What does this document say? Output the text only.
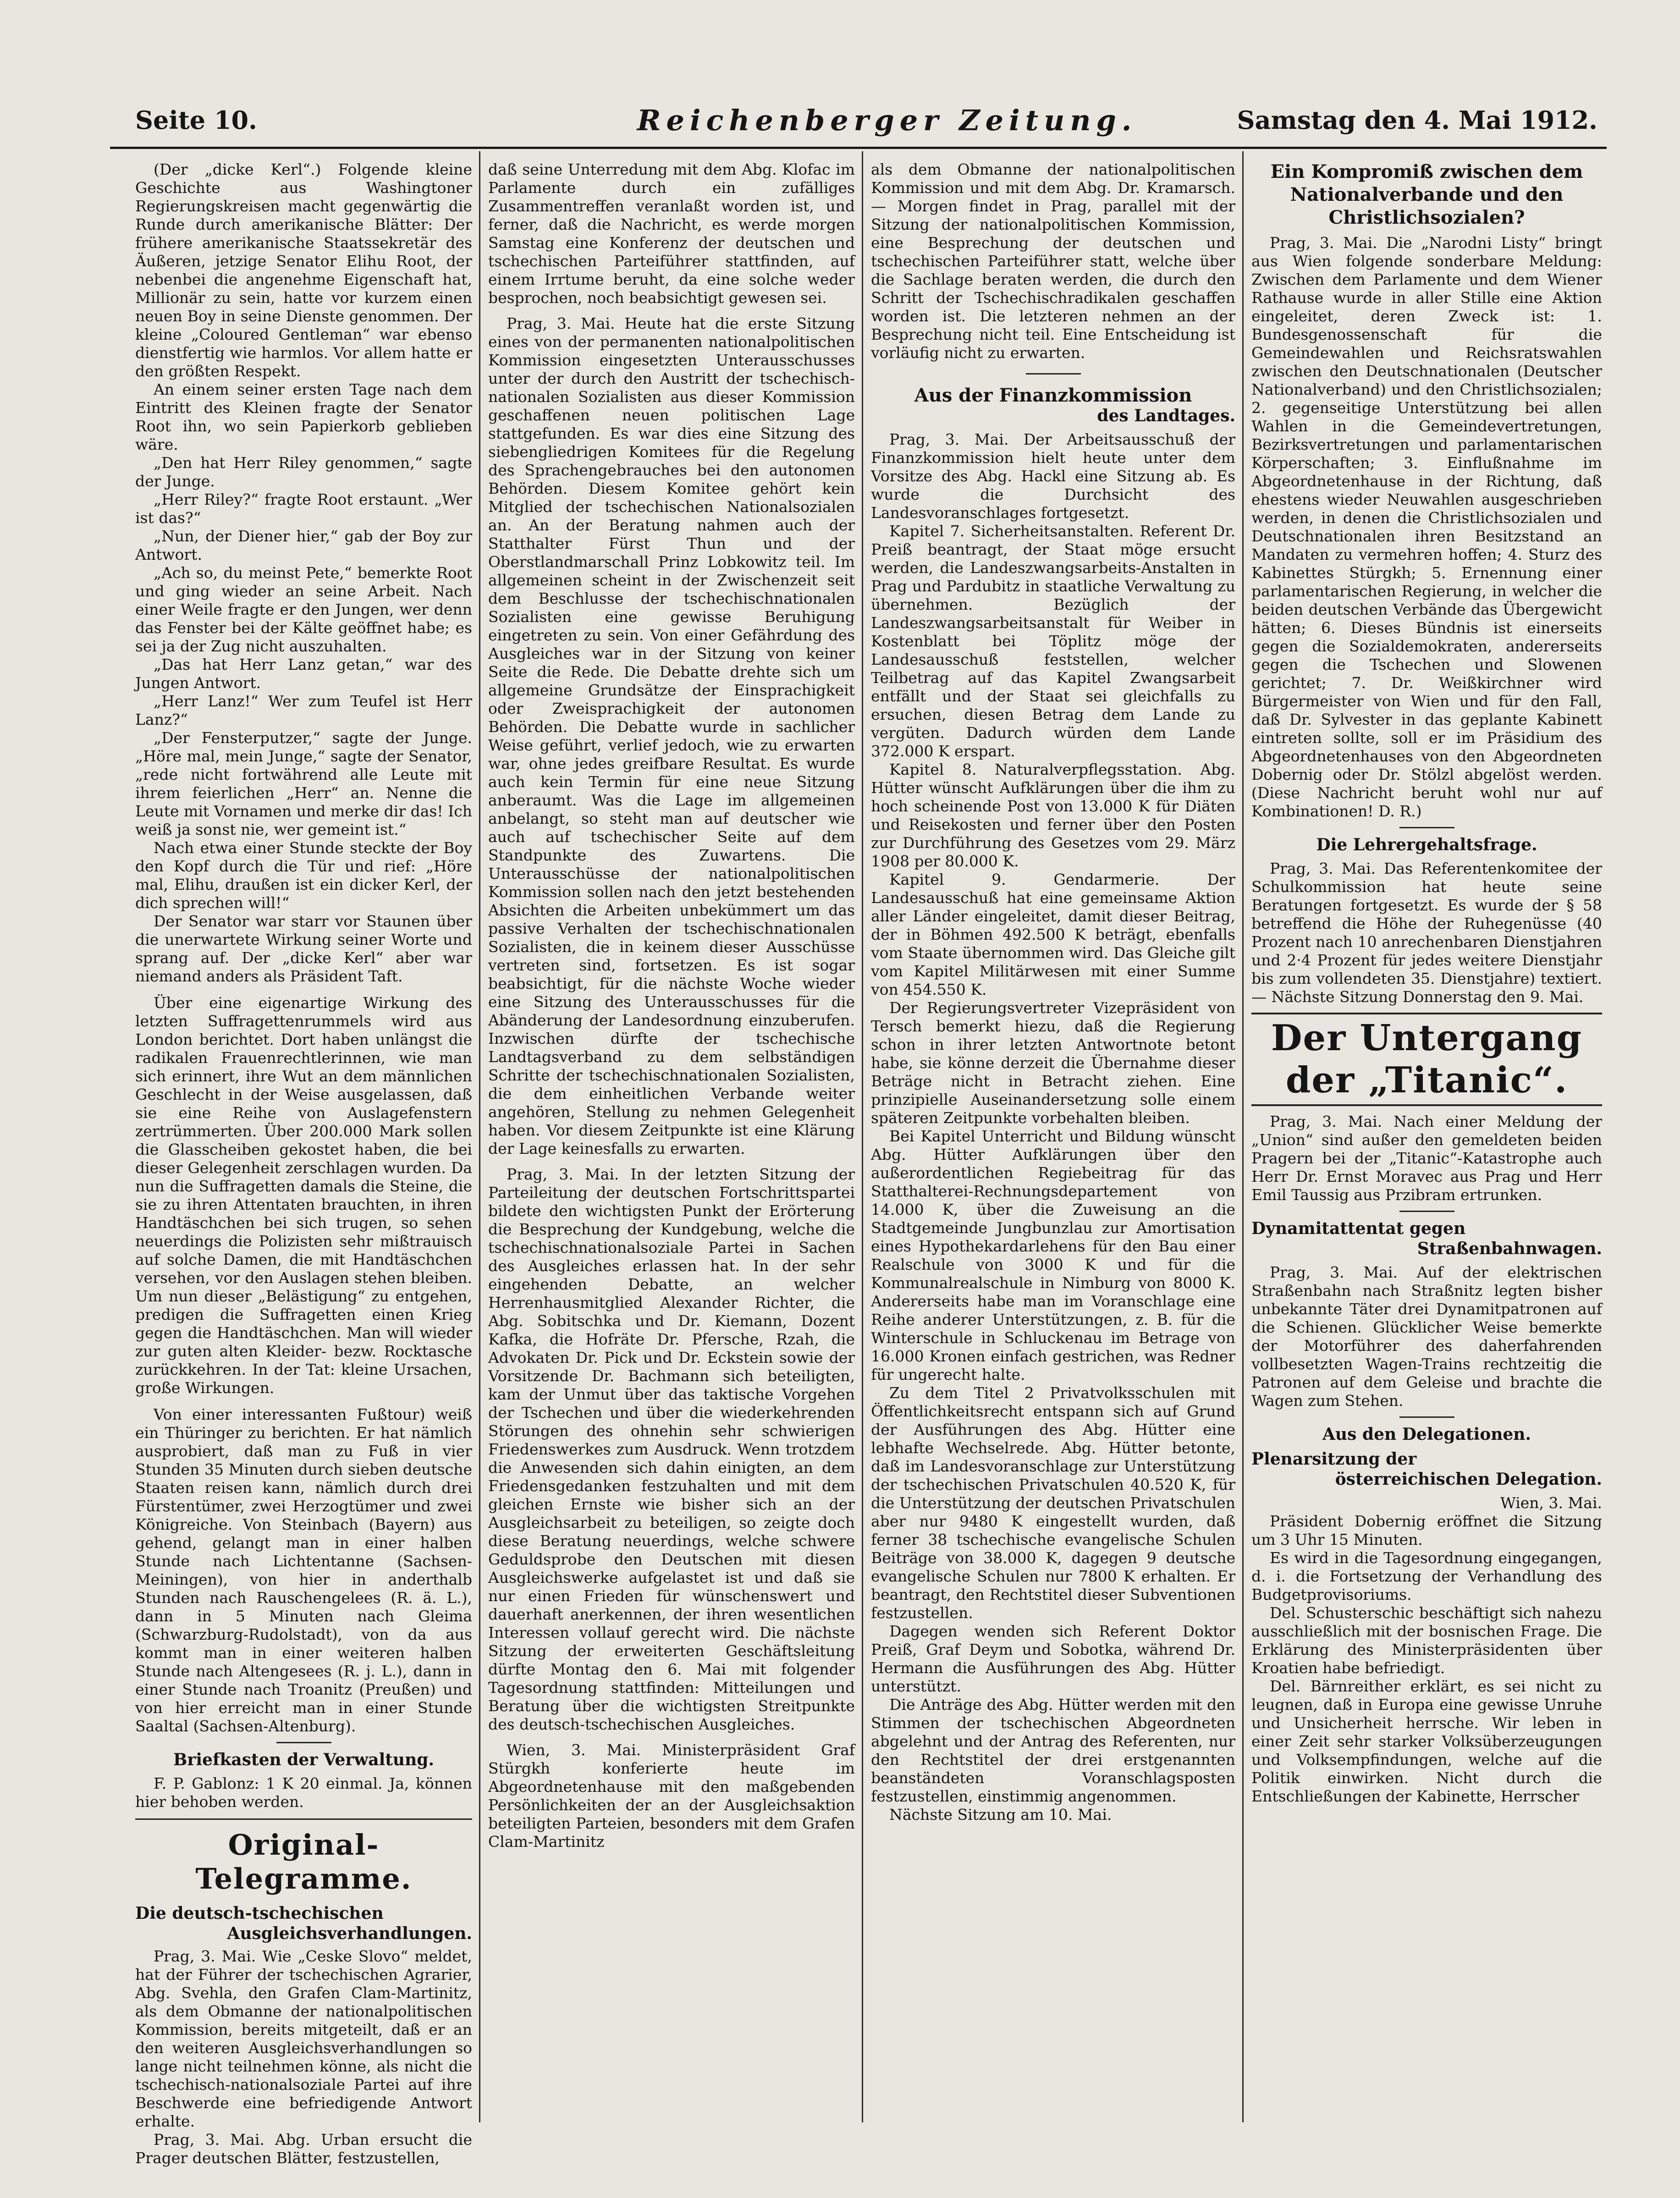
Seite 10.	Reichenberger Zeitung.	Samstag den 4. Mai 1912.

(Der „dicke Kerl“.) Folgende kleine Geschichte aus Washingtoner Regierungskreisen macht gegenwärtig die Runde durch amerikanische Blätter: Der frühere amerikanische Staatssekretär des Äußeren, jetzige Senator Elihu Root, der nebenbei die angenehme Eigenschaft hat, Millionär zu sein, hatte vor kurzem einen neuen Boy in seine Dienste genommen. Der kleine „Coloured Gentleman“ war ebenso dienstfertig wie harmlos. Vor allem hatte er den größten Respekt.

An einem seiner ersten Tage nach dem Eintritt des Kleinen fragte der Senator Root ihn, wo sein Papierkorb geblieben wäre.

„Den hat Herr Riley genommen,“ sagte der Junge.

„Herr Riley?“ fragte Root erstaunt. „Wer ist das?“

„Nun, der Diener hier,“ gab der Boy zur Antwort.

„Ach so, du meinst Pete,“ bemerkte Root und ging wieder an seine Arbeit. Nach einer Weile fragte er den Jungen, wer denn das Fenster bei der Kälte geöffnet habe; es sei ja der Zug nicht auszuhalten.

„Das hat Herr Lanz getan,“ war des Jungen Antwort.

„Herr Lanz!“ Wer zum Teufel ist Herr Lanz?“

„Der Fensterputzer,“ sagte der Junge. „Höre mal, mein Junge,“ sagte der Senator, „rede nicht fortwährend alle Leute mit ihrem feierlichen „Herr“ an. Nenne die Leute mit Vornamen und merke dir das! Ich weiß ja sonst nie, wer gemeint ist.“

Nach etwa einer Stunde steckte der Boy den Kopf durch die Tür und rief: „Höre mal, Elihu, draußen ist ein dicker Kerl, der dich sprechen will!“

Der Senator war starr vor Staunen über die unerwartete Wirkung seiner Worte und sprang auf. Der „dicke Kerl“ aber war niemand anders als Präsident Taft.

Über eine eigenartige Wirkung des letzten Suffragettenrummels wird aus London berichtet. Dort haben unlängst die radikalen Frauenrechtlerinnen, wie man sich erinnert, ihre Wut an dem männlichen Geschlecht in der Weise ausgelassen, daß sie eine Reihe von Auslagefenstern zertrümmerten. Über 200.000 Mark sollen die Glasscheiben gekostet haben, die bei dieser Gelegenheit zerschlagen wurden. Da nun die Suffragetten damals die Steine, die sie zu ihren Attentaten brauchten, in ihren Handtäschchen bei sich trugen, so sehen neuerdings die Polizisten sehr mißtrauisch auf solche Damen, die mit Handtäschchen versehen, vor den Auslagen stehen bleiben. Um nun dieser „Belästigung“ zu entgehen, predigen die Suffragetten einen Krieg gegen die Handtäschchen. Man will wieder zur guten alten Kleider- bezw. Rocktasche zurückkehren. In der Tat: kleine Ursachen, große Wirkungen.

Von einer interessanten Fußtour) weiß ein Thüringer zu berichten. Er hat nämlich ausprobiert, daß man zu Fuß in vier Stunden 35 Minuten durch sieben deutsche Staaten reisen kann, nämlich durch drei Fürstentümer, zwei Herzogtümer und zwei Königreiche. Von Steinbach (Bayern) aus gehend, gelangt man in einer halben Stunde nach Lichtentanne (Sachsen-Meiningen), von hier in anderthalb Stunden nach Rauschengelees (R. ä. L.), dann in 5 Minuten nach Gleima (Schwarzburg-Rudolstadt), von da aus kommt man in einer weiteren halben Stunde nach Altengesees (R. j. L.), dann in einer Stunde nach Troanitz (Preußen) und von hier erreicht man in einer Stunde Saaltal (Sachsen-Altenburg).

Briefkasten der Verwaltung.

F. P. Gablonz: 1 K 20 einmal. Ja, können hier behoben werden.

Original-Telegramme.
Die deutsch-tschechischen
Ausgleichsverhandlungen.

Prag, 3. Mai. Wie „Ceske Slovo“ meldet, hat der Führer der tschechischen Agrarier, Abg. Svehla, den Grafen Clam-Martinitz, als dem Obmanne der nationalpolitischen Kommission, bereits mitgeteilt, daß er an den weiteren Ausgleichsverhandlungen so lange nicht teilnehmen könne, als nicht die tschechisch-nationalsoziale Partei auf ihre Beschwerde eine befriedigende Antwort erhalte.

Prag, 3. Mai. Abg. Urban ersucht die Prager deutschen Blätter, festzustellen,

daß seine Unterredung mit dem Abg. Klofac im Parlamente durch ein zufälliges Zusammentreffen veranlaßt worden ist, und ferner, daß die Nachricht, es werde morgen Samstag eine Konferenz der deutschen und tschechischen Parteiführer stattfinden, auf einem Irrtume beruht, da eine solche weder besprochen, noch beabsichtigt gewesen sei.

Prag, 3. Mai. Heute hat die erste Sitzung eines von der permanenten nationalpolitischen Kommission eingesetzten Unterausschusses unter der durch den Austritt der tschechisch-nationalen Sozialisten aus dieser Kommission geschaffenen neuen politischen Lage stattgefunden. Es war dies eine Sitzung des siebengliedrigen Komitees für die Regelung des Sprachengebrauches bei den autonomen Behörden. Diesem Komitee gehört kein Mitglied der tschechischen Nationalsozialen an. An der Beratung nahmen auch der Statthalter Fürst Thun und der Oberstlandmarschall Prinz Lobkowitz teil. Im allgemeinen scheint in der Zwischenzeit seit dem Beschlusse der tschechischnationalen Sozialisten eine gewisse Beruhigung eingetreten zu sein. Von einer Gefährdung des Ausgleiches war in der Sitzung von keiner Seite die Rede. Die Debatte drehte sich um allgemeine Grundsätze der Einsprachigkeit oder Zweisprachigkeit der autonomen Behörden. Die Debatte wurde in sachlicher Weise geführt, verlief jedoch, wie zu erwarten war, ohne jedes greifbare Resultat. Es wurde auch kein Termin für eine neue Sitzung anberaumt. Was die Lage im allgemeinen anbelangt, so steht man auf deutscher wie auch auf tschechischer Seite auf dem Standpunkte des Zuwartens. Die Unterausschüsse der nationalpolitischen Kommission sollen nach den jetzt bestehenden Absichten die Arbeiten unbekümmert um das passive Verhalten der tschechischnationalen Sozialisten, die in keinem dieser Ausschüsse vertreten sind, fortsetzen. Es ist sogar beabsichtigt, für die nächste Woche wieder eine Sitzung des Unterausschusses für die Abänderung der Landesordnung einzuberufen. Inzwischen dürfte der tschechische Landtagsverband zu dem selbständigen Schritte der tschechischnationalen Sozialisten, die dem einheitlichen Verbande weiter angehören, Stellung zu nehmen Gelegenheit haben. Vor diesem Zeitpunkte ist eine Klärung der Lage keinesfalls zu erwarten.

Prag, 3. Mai. In der letzten Sitzung der Parteileitung der deutschen Fortschrittspartei bildete den wichtigsten Punkt der Erörterung die Besprechung der Kundgebung, welche die tschechischnationalsoziale Partei in Sachen des Ausgleiches erlassen hat. In der sehr eingehenden Debatte, an welcher Herrenhausmitglied Alexander Richter, die Abg. Sobitschka und Dr. Kiemann, Dozent Kafka, die Hofräte Dr. Pfersche, Rzah, die Advokaten Dr. Pick und Dr. Eckstein sowie der Vorsitzende Dr. Bachmann sich beteiligten, kam der Unmut über das taktische Vorgehen der Tschechen und über die wiederkehrenden Störungen des ohnehin sehr schwierigen Friedenswerkes zum Ausdruck. Wenn trotzdem die Anwesenden sich dahin einigten, an dem Friedensgedanken festzuhalten und mit dem gleichen Ernste wie bisher sich an der Ausgleichsarbeit zu beteiligen, so zeigte doch diese Beratung neuerdings, welche schwere Geduldsprobe den Deutschen mit diesen Ausgleichswerke aufgelastet ist und daß sie nur einen Frieden für wünschenswert und dauerhaft anerkennen, der ihren wesentlichen Interessen vollauf gerecht wird. Die nächste Sitzung der erweiterten Geschäftsleitung dürfte Montag den 6. Mai mit folgender Tagesordnung stattfinden: Mitteilungen und Beratung über die wichtigsten Streitpunkte des deutsch-tschechischen Ausgleiches.

Wien, 3. Mai. Ministerpräsident Graf Stürgkh konferierte heute im Abgeordnetenhause mit den maßgebenden Persönlichkeiten der an der Ausgleichsaktion beteiligten Parteien, besonders mit dem Grafen Clam-Martinitz

als dem Obmanne der nationalpolitischen Kommission und mit dem Abg. Dr. Kramarsch. — Morgen findet in Prag, parallel mit der Sitzung der nationalpolitischen Kommission, eine Besprechung der deutschen und tschechischen Parteiführer statt, welche über die Sachlage beraten werden, die durch den Schritt der Tschechischradikalen geschaffen worden ist. Die letzteren nehmen an der Besprechung nicht teil. Eine Entscheidung ist vorläufig nicht zu erwarten.

Aus der Finanzkommission
des Landtages.

Prag, 3. Mai. Der Arbeitsausschuß der Finanzkommission hielt heute unter dem Vorsitze des Abg. Hackl eine Sitzung ab. Es wurde die Durchsicht des Landesvoranschlages fortgesetzt.

Kapitel 7. Sicherheitsanstalten. Referent Dr. Preiß beantragt, der Staat möge ersucht werden, die Landeszwangsarbeits-Anstalten in Prag und Pardubitz in staatliche Verwaltung zu übernehmen. Bezüglich der Landeszwangsarbeitsanstalt für Weiber in Kostenblatt bei Töplitz möge der Landesausschuß feststellen, welcher Teilbetrag auf das Kapitel Zwangsarbeit entfällt und der Staat sei gleichfalls zu ersuchen, diesen Betrag dem Lande zu vergüten. Dadurch würden dem Lande 372.000 K erspart.

Kapitel 8. Naturalverpflegsstation. Abg. Hütter wünscht Aufklärungen über die ihm zu hoch scheinende Post von 13.000 K für Diäten und Reisekosten und ferner über den Posten zur Durchführung des Gesetzes vom 29. März 1908 per 80.000 K.

Kapitel 9. Gendarmerie. Der Landesausschuß hat eine gemeinsame Aktion aller Länder eingeleitet, damit dieser Beitrag, der in Böhmen 492.500 K beträgt, ebenfalls vom Staate übernommen wird. Das Gleiche gilt vom Kapitel Militärwesen mit einer Summe von 454.550 K.

Der Regierungsvertreter Vizepräsident von Tersch bemerkt hiezu, daß die Regierung schon in ihrer letzten Antwortnote betont habe, sie könne derzeit die Übernahme dieser Beträge nicht in Betracht ziehen. Eine prinzipielle Auseinandersetzung solle einem späteren Zeitpunkte vorbehalten bleiben.

Bei Kapitel Unterricht und Bildung wünscht Abg. Hütter Aufklärungen über den außerordentlichen Regiebeitrag für das Statthalterei-Rechnungsdepartement von 14.000 K, über die Zuweisung an die Stadtgemeinde Jungbunzlau zur Amortisation eines Hypothekardarlehens für den Bau einer Realschule von 3000 K und für die Kommunalrealschule in Nimburg von 8000 K. Andererseits habe man im Voranschlage eine Reihe anderer Unterstützungen, z. B. für die Winterschule in Schluckenau im Betrage von 16.000 Kronen einfach gestrichen, was Redner für ungerecht halte.

Zu dem Titel 2 Privatvolksschulen mit Öffentlichkeitsrecht entspann sich auf Grund der Ausführungen des Abg. Hütter eine lebhafte Wechselrede. Abg. Hütter betonte, daß im Landesvoranschlage zur Unterstützung der tschechischen Privatschulen 40.520 K, für die Unterstützung der deutschen Privatschulen aber nur 9480 K eingestellt wurden, daß ferner 38 tschechische evangelische Schulen Beiträge von 38.000 K, dagegen 9 deutsche evangelische Schulen nur 7800 K erhalten. Er beantragt, den Rechtstitel dieser Subventionen festzustellen.

Dagegen wenden sich Referent Doktor Preiß, Graf Deym und Sobotka, während Dr. Hermann die Ausführungen des Abg. Hütter unterstützt.

Die Anträge des Abg. Hütter werden mit den Stimmen der tschechischen Abgeordneten abgelehnt und der Antrag des Referenten, nur den Rechtstitel der drei erstgenannten beanständeten Voranschlagsposten festzustellen, einstimmig angenommen.

Nächste Sitzung am 10. Mai.

Ein Kompromiß zwischen dem Nationalverbande und den Christlichsozialen?

Prag, 3. Mai. Die „Narodni Listy“ bringt aus Wien folgende sonderbare Meldung: Zwischen dem Parlamente und dem Wiener Rathause wurde in aller Stille eine Aktion eingeleitet, deren Zweck ist: 1. Bundesgenossenschaft für die Gemeindewahlen und Reichsratswahlen zwischen den Deutschnationalen (Deutscher Nationalverband) und den Christlichsozialen; 2. gegenseitige Unterstützung bei allen Wahlen in die Gemeindevertretungen, Bezirksvertretungen und parlamentarischen Körperschaften; 3. Einflußnahme im Abgeordnetenhause in der Richtung, daß ehestens wieder Neuwahlen ausgeschrieben werden, in denen die Christlichsozialen und Deutschnationalen ihren Besitzstand an Mandaten zu vermehren hoffen; 4. Sturz des Kabinettes Stürgkh; 5. Ernennung einer parlamentarischen Regierung, in welcher die beiden deutschen Verbände das Übergewicht hätten; 6. Dieses Bündnis ist einerseits gegen die Sozialdemokraten, andererseits gegen die Tschechen und Slowenen gerichtet; 7. Dr. Weißkirchner wird Bürgermeister von Wien und für den Fall, daß Dr. Sylvester in das geplante Kabinett eintreten sollte, soll er im Präsidium des Abgeordnetenhauses von den Abgeordneten Dobernig oder Dr. Stölzl abgelöst werden. (Diese Nachricht beruht wohl nur auf Kombinationen! D. R.)

Die Lehrergehaltsfrage.

Prag, 3. Mai. Das Referentenkomitee der Schulkommission hat heute seine Beratungen fortgesetzt. Es wurde der § 58 betreffend die Höhe der Ruhegenüsse (40 Prozent nach 10 anrechenbaren Dienstjahren und 2·4 Prozent für jedes weitere Dienstjahr bis zum vollendeten 35. Dienstjahre) textiert. — Nächste Sitzung Donnerstag den 9. Mai.

Der Untergang der „Titanic“.

Prag, 3. Mai. Nach einer Meldung der „Union“ sind außer den gemeldeten beiden Pragern bei der „Titanic“-Katastrophe auch Herr Dr. Ernst Moravec aus Prag und Herr Emil Taussig aus Przibram ertrunken.

Dynamitattentat gegen
Straßenbahnwagen.

Prag, 3. Mai. Auf der elektrischen Straßenbahn nach Straßnitz legten bisher unbekannte Täter drei Dynamitpatronen auf die Schienen. Glücklicher Weise bemerkte der Motorführer des daherfahrenden vollbesetzten Wagen-Trains rechtzeitig die Patronen auf dem Geleise und brachte die Wagen zum Stehen.

Aus den Delegationen.
Plenarsitzung der
österreichischen Delegation.

Wien, 3. Mai.

Präsident Dobernig eröffnet die Sitzung um 3 Uhr 15 Minuten.

Es wird in die Tagesordnung eingegangen, d. i. die Fortsetzung der Verhandlung des Budgetprovisoriums.

Del. Schusterschic beschäftigt sich nahezu ausschließlich mit der bosnischen Frage. Die Erklärung des Ministerpräsidenten über Kroatien habe befriedigt.

Del. Bärnreither erklärt, es sei nicht zu leugnen, daß in Europa eine gewisse Unruhe und Unsicherheit herrsche. Wir leben in einer Zeit sehr starker Volksüberzeugungen und Volksempfindungen, welche auf die Politik einwirken. Nicht durch die Entschließungen der Kabinette, Herrscher
